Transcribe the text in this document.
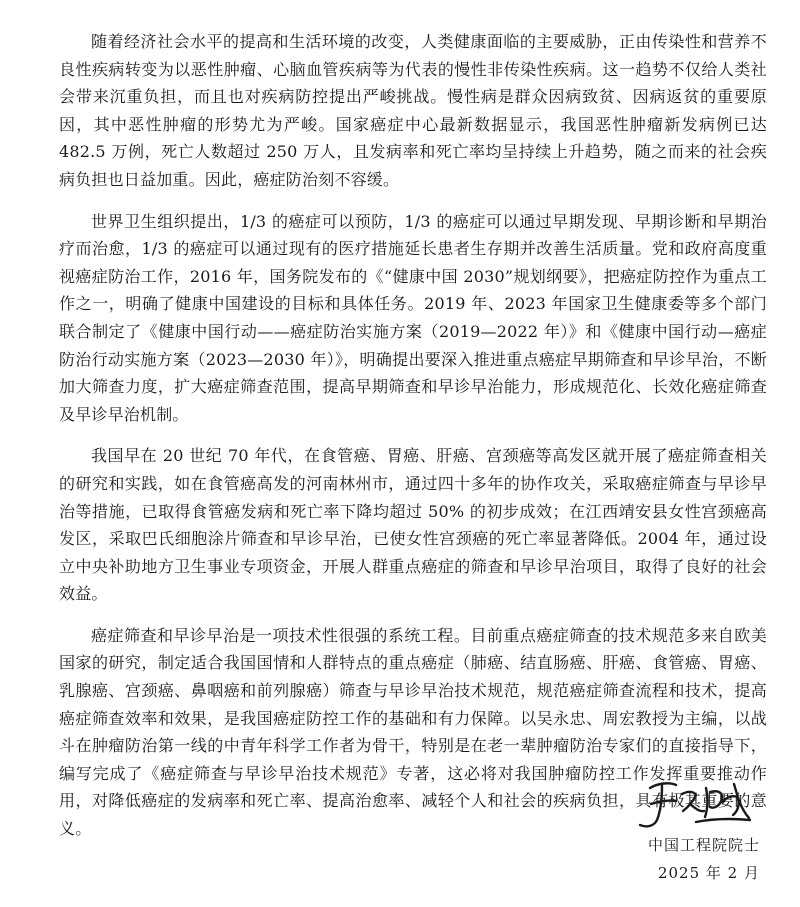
随着经济社会水平的提高和生活环境的改变，人类健康面临的主要威胁，正由传染性和营养不良性疾病转变为以恶性肿瘤、心脑血管疾病等为代表的慢性非传染性疾病。这一趋势不仅给人类社会带来沉重负担，而且也对疾病防控提出严峻挑战。慢性病是群众因病致贫、因病返贫的重要原因，其中恶性肿瘤的形势尤为严峻。国家癌症中心最新数据显示，我国恶性肿瘤新发病例已达 482.5 万例，死亡人数超过 250 万人，且发病率和死亡率均呈持续上升趋势，随之而来的社会疾病负担也日益加重。因此，癌症防治刻不容缓。

世界卫生组织提出，1/3 的癌症可以预防，1/3 的癌症可以通过早期发现、早期诊断和早期治疗而治愈，1/3 的癌症可以通过现有的医疗措施延长患者生存期并改善生活质量。党和政府高度重视癌症防治工作，2016 年，国务院发布的《“健康中国 2030”规划纲要》，把癌症防控作为重点工作之一，明确了健康中国建设的目标和具体任务。2019 年、2023 年国家卫生健康委等多个部门联合制定了《健康中国行动——癌症防治实施方案（2019—2022 年）》和《健康中国行动—癌症防治行动实施方案（2023—2030 年）》，明确提出要深入推进重点癌症早期筛查和早诊早治，不断加大筛查力度，扩大癌症筛查范围，提高早期筛查和早诊早治能力，形成规范化、长效化癌症筛查及早诊早治机制。

我国早在 20 世纪 70 年代，在食管癌、胃癌、肝癌、宫颈癌等高发区就开展了癌症筛查相关的研究和实践，如在食管癌高发的河南林州市，通过四十多年的协作攻关，采取癌症筛查与早诊早治等措施，已取得食管癌发病和死亡率下降均超过 50% 的初步成效；在江西靖安县女性宫颈癌高发区，采取巴氏细胞涂片筛查和早诊早治，已使女性宫颈癌的死亡率显著降低。2004 年，通过设立中央补助地方卫生事业专项资金，开展人群重点癌症的筛查和早诊早治项目，取得了良好的社会效益。

癌症筛查和早诊早治是一项技术性很强的系统工程。目前重点癌症筛查的技术规范多来自欧美国家的研究，制定适合我国国情和人群特点的重点癌症（肺癌、结直肠癌、肝癌、食管癌、胃癌、乳腺癌、宫颈癌、鼻咽癌和前列腺癌）筛查与早诊早治技术规范，规范癌症筛查流程和技术，提高癌症筛查效率和效果，是我国癌症防控工作的基础和有力保障。以吴永忠、周宏教授为主编，以战斗在肿瘤防治第一线的中青年科学工作者为骨干，特别是在老一辈肿瘤防治专家们的直接指导下，编写完成了《癌症筛查与早诊早治技术规范》专著，这必将对我国肿瘤防控工作发挥重要推动作用，对降低癌症的发病率和死亡率、提高治愈率、减轻个人和社会的疾病负担，具有极其重要的意义。

中国工程院院士
2025 年 2 月
